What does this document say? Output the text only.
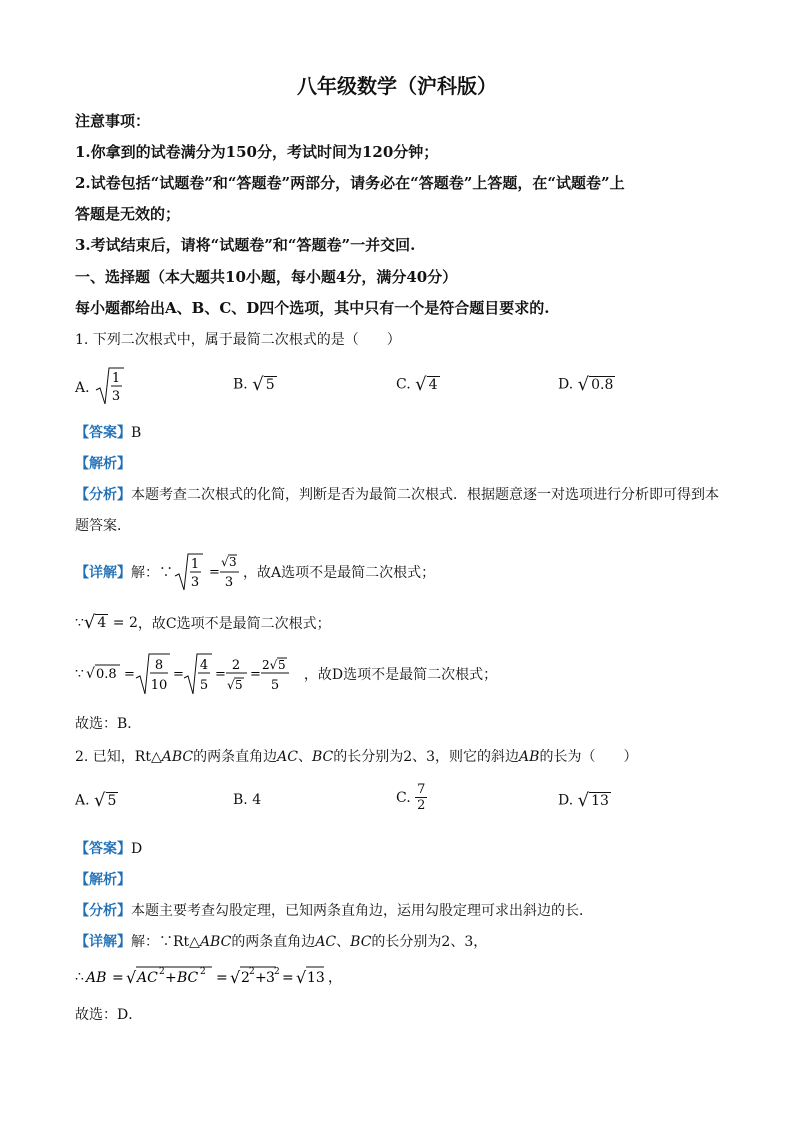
八年级数学（沪科版）
注意事项：
1.你拿到的试卷满分为150分，考试时间为120分钟；
2.试卷包括“试题卷”和“答题卷”两部分，请务必在“答题卷”上答题，在“试题卷”上
答题是无效的；
3.考试结束后，请将“试题卷”和“答题卷”一并交回.
一、选择题（本大题共10小题，每小题4分，满分40分）
每小题都给出A、B、C、D四个选项，其中只有一个是符合题目要求的.
1. 下列二次根式中，属于最简二次根式的是（　　）
A.
1
3
B. √ 5	C. √ 4	D. √ 0.8
【答案】B
【解析】
【分析】本题考查二次根式的化简，判断是否为最简二次根式．根据题意逐一对选项进行分析即可得到本
题答案．
【详解】 解：∵
1
3
=
√ 3
3
，故A选项不是最简二次根式；
∵ √ 4 = 2 ，故C选项不是最简二次根式；
∵ √ 0.8 =
8
10
=
4
5
=
2
√ 5
=
2√ 5
5
，故D选项不是最简二次根式；
故选：B．
2. 已知，Rt△ABC的两条直角边AC、BC的长分别为2、3，则它的斜边AB的长为（　　）
A. √ 5	B. 4	C.
$\frac{7}{2}$	D. √ 13
【答案】D
【解析】
【分析】本题主要考查勾股定理，已知两条直角边，运用勾股定理可求出斜边的长．
【详解】解：∵Rt△ABC的两条直角边AC、BC的长分别为2、3，
∴ AB = √ AC 2 + BC 2 = √ 2 2 + 3 2 = √ 13 ，
故选：D．
